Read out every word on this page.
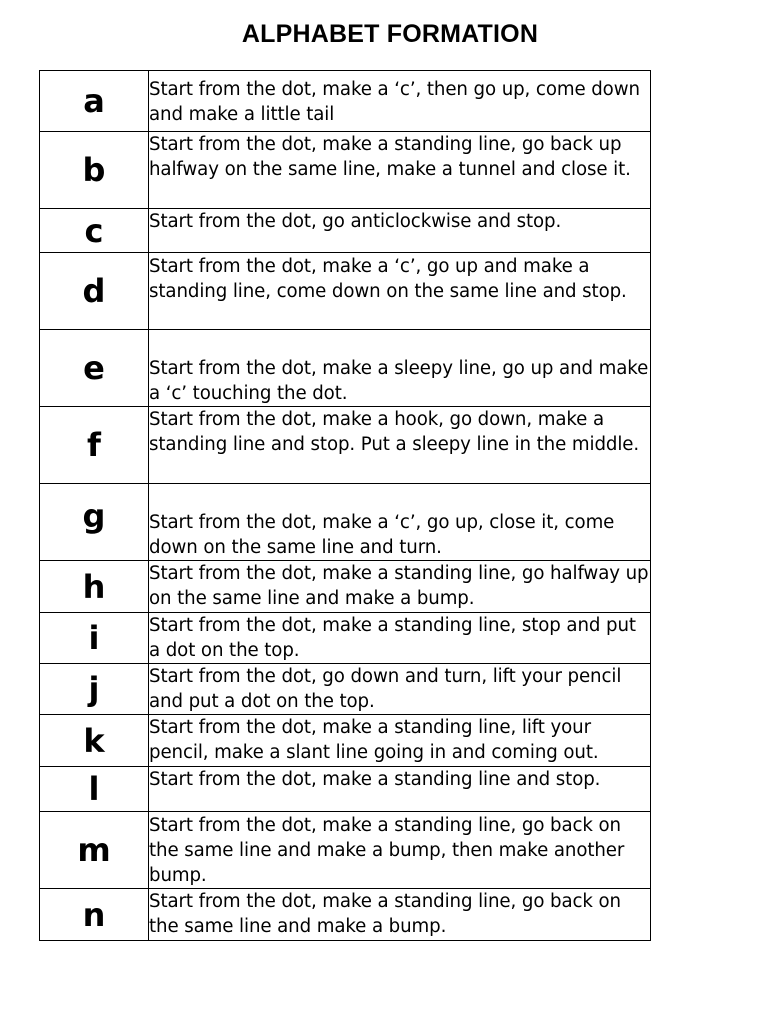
ALPHABET FORMATION
a	Start from the dot, make a ‘c’, then go up, come down and make a little tail

b	Start from the dot, make a standing line, go back up halfway on the same line, make a tunnel and close it.

c	Start from the dot, go anticlockwise and stop.

d	Start from the dot, make a ‘c’, go up and make a standing line, come down on the same line and stop.

e	Start from the dot, make a sleepy line, go up and make a ‘c’ touching the dot.

f	Start from the dot, make a hook, go down, make a standing line and stop. Put a sleepy line in the middle.

g	Start from the dot, make a ‘c’, go up, close it, come down on the same line and turn.

h	Start from the dot, make a standing line, go halfway up on the same line and make a bump.

i	Start from the dot, make a standing line, stop and put a dot on the top.

j	Start from the dot, go down and turn, lift your pencil and put a dot on the top.

k	Start from the dot, make a standing line, lift your pencil, make a slant line going in and coming out.

l	Start from the dot, make a standing line and stop.

m	Start from the dot, make a standing line, go back on the same line and make a bump, then make another bump.

n	Start from the dot, make a standing line, go back on the same line and make a bump.
